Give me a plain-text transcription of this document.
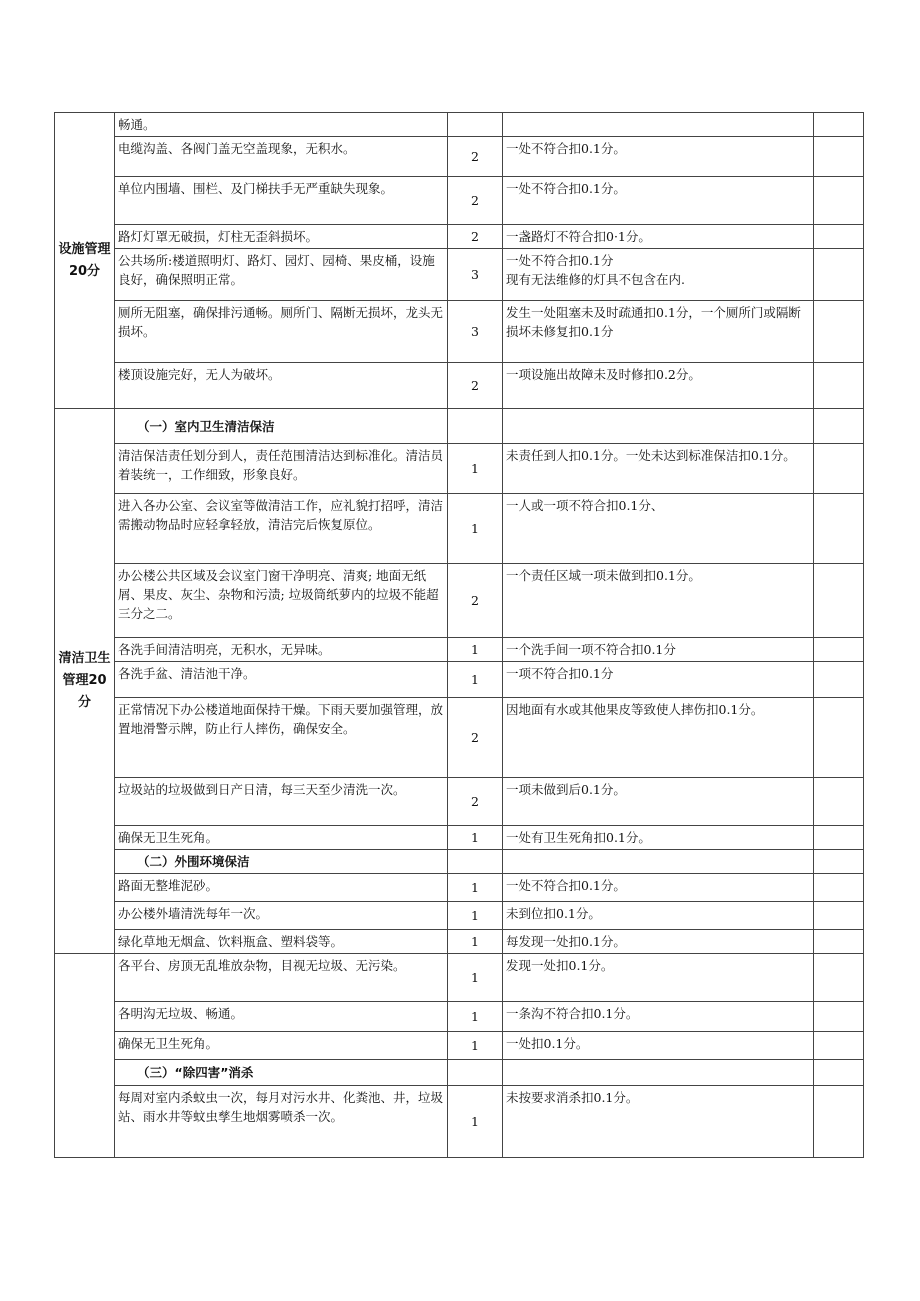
设施管理20分	畅通。			
	电缆沟盖、各阀门盖无空盖现象，无积水。	2	一处不符合扣0.1分。	
	单位内围墙、围栏、及门梯扶手无严重缺失现象。	2	一处不符合扣0.1分。	
	路灯灯罩无破损，灯柱无歪斜损坏。	2	一盏路灯不符合扣0·1分。	
	公共场所:楼道照明灯、路灯、园灯、园椅、果皮桶，设施良好，确保照明正常。	3	一处不符合扣0.1分
现有无法维修的灯具不包含在内.	
	厕所无阻塞，确保排污通畅。厕所门、隔断无损坏，龙头无损坏。	3	发生一处阻塞未及时疏通扣0.1分，一个厕所门或隔断损坏未修复扣0.1分	
	楼顶设施完好，无人为破坏。	2	一项设施出故障未及时修扣0.2分。	
清洁卫生管理20分	（一）室内卫生清洁保洁			
	清洁保洁责任划分到人，责任范围清洁达到标准化。清洁员着装统一，工作细致，形象良好。	1	未责任到人扣0.1分。一处未达到标准保洁扣0.1分。	
	进入各办公室、会议室等做清洁工作，应礼貌打招呼，清洁需搬动物品时应轻拿轻放，清洁完后恢复原位。	1	一人或一项不符合扣0.1分、	
	办公楼公共区域及会议室门窗干净明亮、清爽; 地面无纸屑、果皮、灰尘、杂物和污渍; 垃圾筒纸萝内的垃圾不能超三分之二。	2	一个责任区域一项未做到扣0.1分。	
	各洗手间清洁明亮，无积水，无异味。	1	一个洗手间一项不符合扣0.1分	
	各洗手盆、清洁池干净。	1	一项不符合扣0.1分	
	正常情况下办公楼道地面保持干燥。下雨天要加强管理，放置地滑警示牌，防止行人摔伤，确保安全。	2	因地面有水或其他果皮等致使人摔伤扣0.1分。	
	垃圾站的垃圾做到日产日清，每三天至少清洗一次。	2	一项未做到后0.1分。	
	确保无卫生死角。	1	一处有卫生死角扣0.1分。	
	（二）外围环境保洁			
	路面无整堆泥砂。	1	一处不符合扣0.1分。	
	办公楼外墙清洗每年一次。	1	未到位扣0.1分。	
	绿化草地无烟盒、饮料瓶盒、塑料袋等。	1	每发现一处扣0.1分。	
	各平台、房顶无乱堆放杂物，目视无垃圾、无污染。	1	发现一处扣0.1分。	
	各明沟无垃圾、畅通。	1	一条沟不符合扣0.1分。	
	确保无卫生死角。	1	一处扣0.1分。	
	（三）“除四害”消杀			
	每周对室内杀蚊虫一次，每月对污水井、化粪池、井，垃圾站、雨水井等蚊虫孳生地烟雾喷杀一次。	1	未按要求消杀扣0.1分。	
